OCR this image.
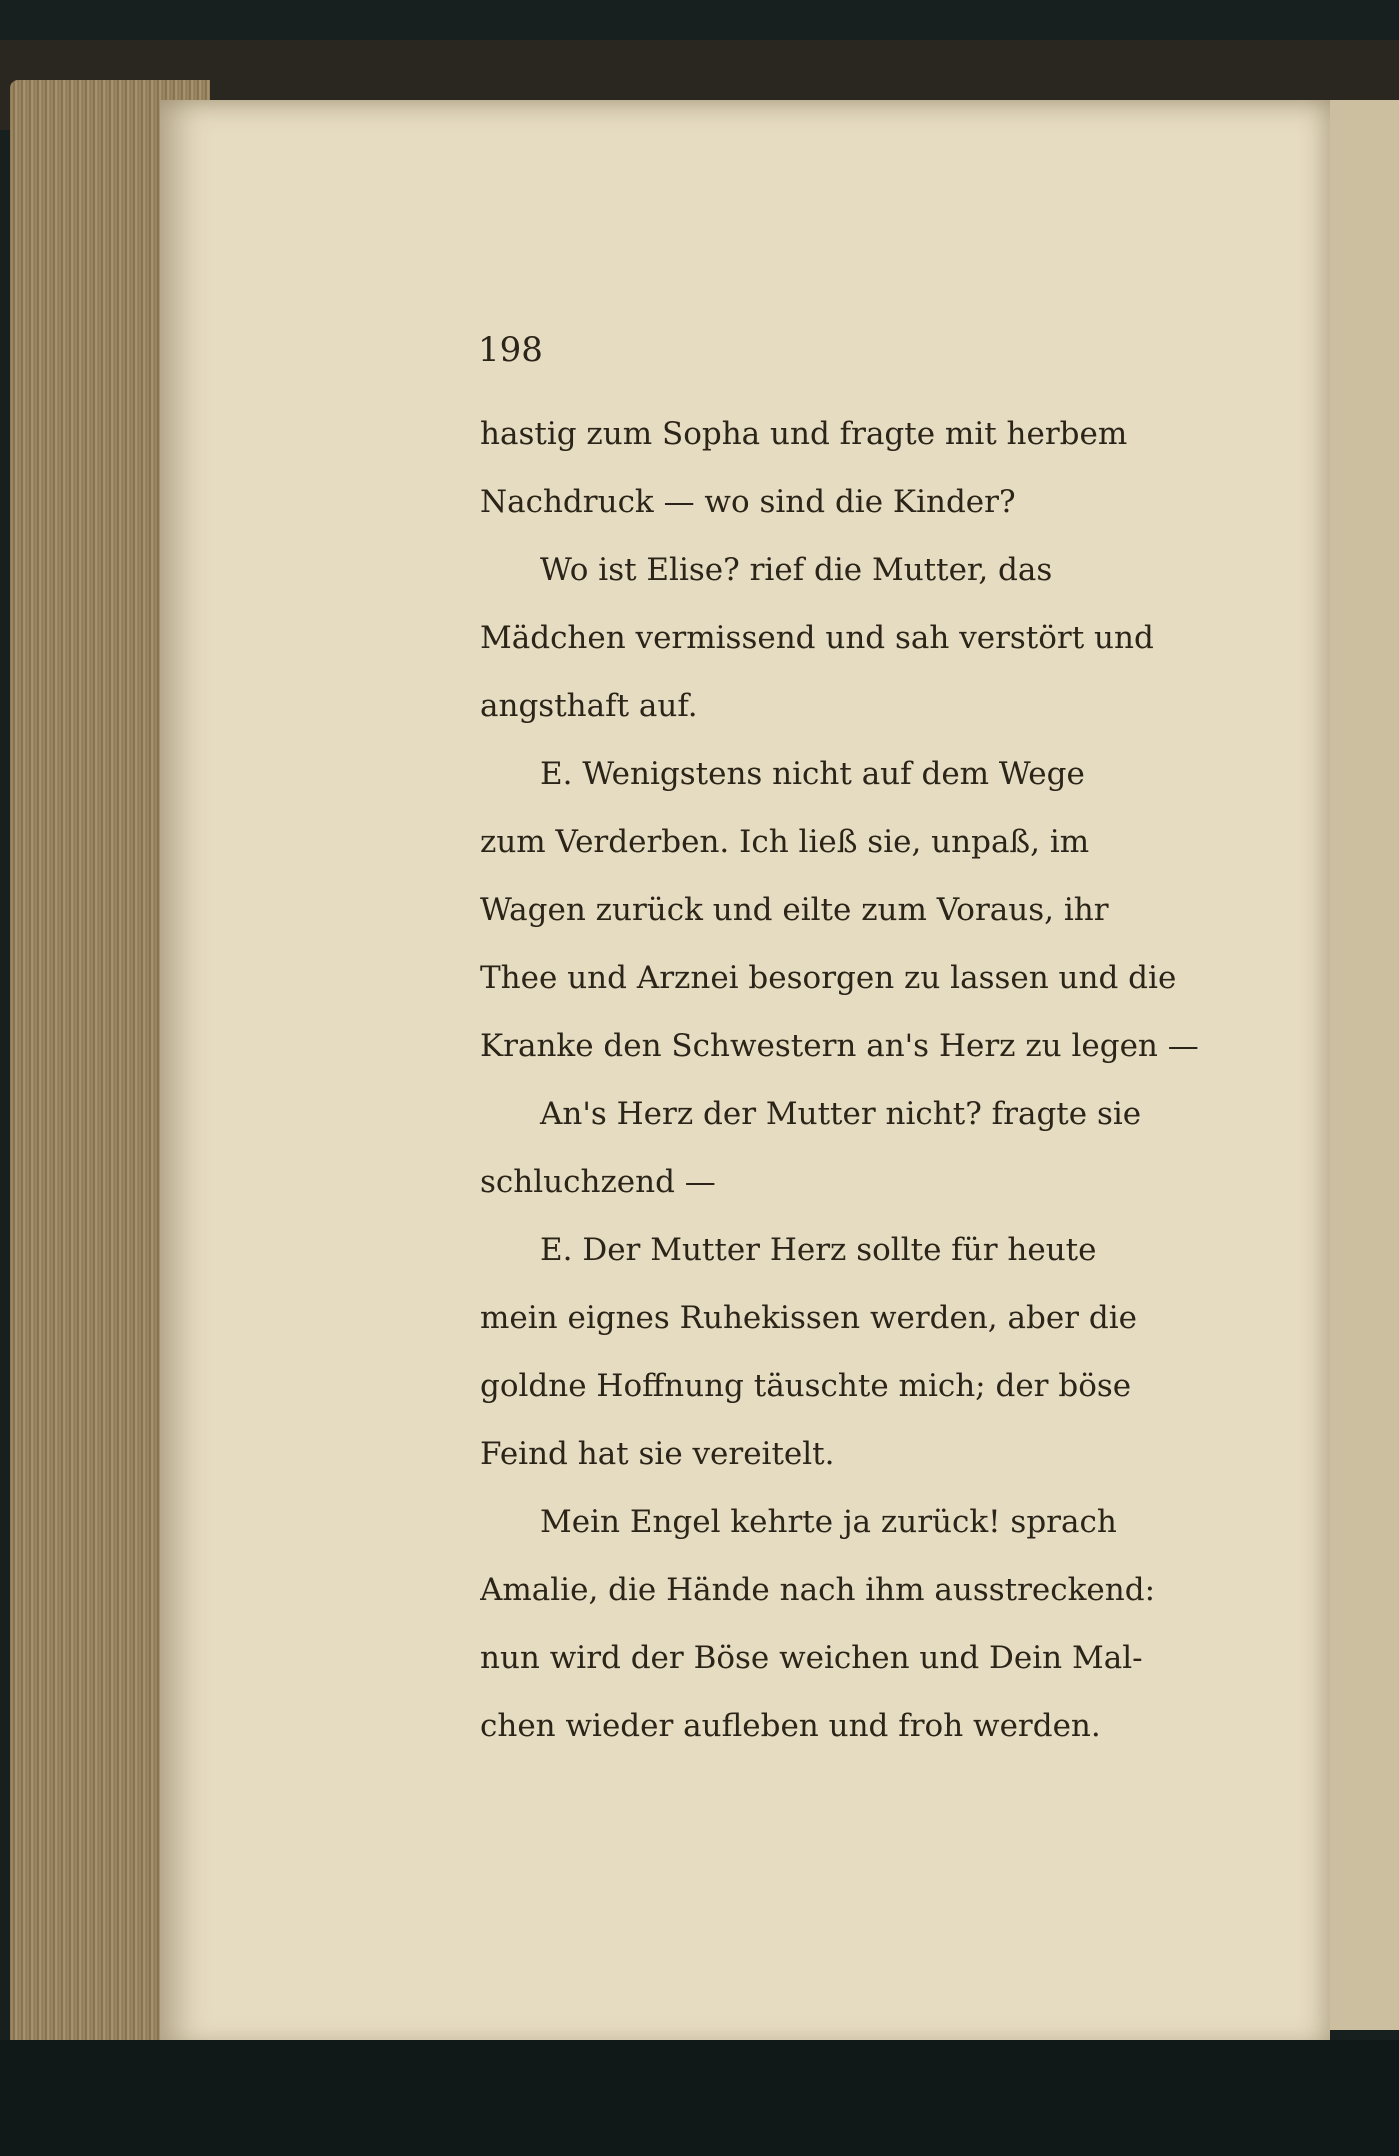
198
hastig zum Sopha und fragte mit herbem
Nachdruck — wo sind die Kinder?
Wo ist Elise? rief die Mutter, das
Mädchen vermissend und sah verstört und
angsthaft auf.
E. Wenigstens nicht auf dem Wege
zum Verderben. Ich ließ sie, unpaß, im
Wagen zurück und eilte zum Voraus, ihr
Thee und Arznei besorgen zu lassen und die
Kranke den Schwestern an's Herz zu legen —
An's Herz der Mutter nicht? fragte sie
schluchzend —
E. Der Mutter Herz sollte für heute
mein eignes Ruhekissen werden, aber die
goldne Hoffnung täuschte mich; der böse
Feind hat sie vereitelt.
Mein Engel kehrte ja zurück! sprach
Amalie, die Hände nach ihm ausstreckend:
nun wird der Böse weichen und Dein Mal-
chen wieder aufleben und froh werden.
